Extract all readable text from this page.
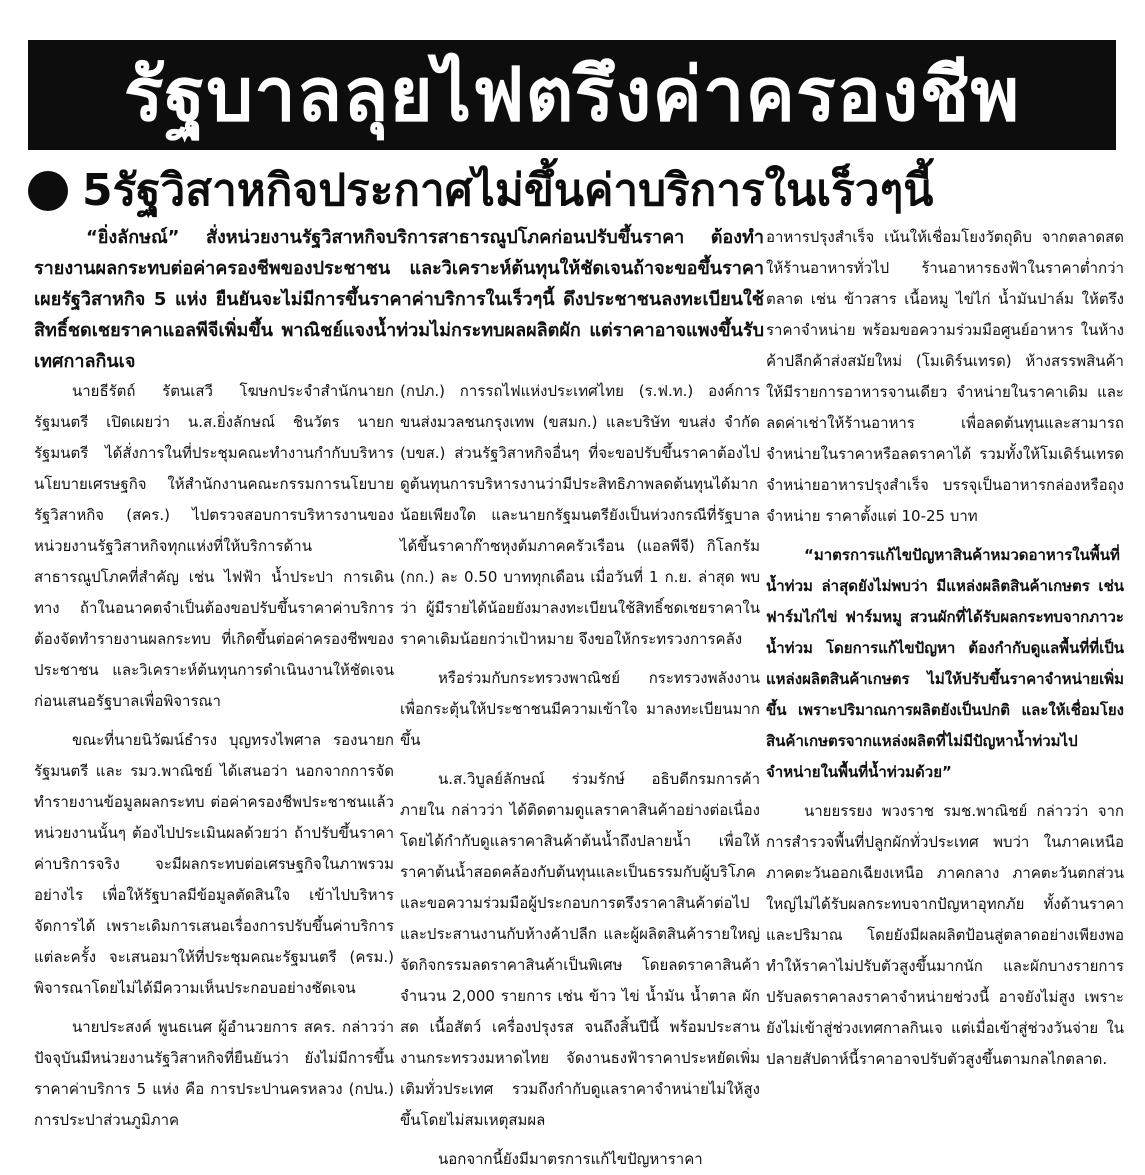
รัฐบาลลุยไฟตรึงค่าครองชีพ
5รัฐวิสาหกิจประกาศไม่ขึ้นค่าบริการในเร็วๆนี้

“ยิ่งลักษณ์” สั่งหน่วยงานรัฐวิสาหกิจบริการสาธารณูปโภคก่อนปรับขึ้นราคา ต้องทำรายงานผลกระทบต่อค่าครองชีพของประชาชน และวิเคราะห์ต้นทุนให้ชัดเจนถ้าจะขอขึ้นราคา เผยรัฐวิสาหกิจ 5 แห่ง ยืนยันจะไม่มีการขึ้นราคาค่าบริการในเร็วๆนี้ ดึงประชาชนลงทะเบียนใช้สิทธิ์ชดเชยราคาแอลพีจีเพิ่มขึ้น พาณิชย์แจงน้ำท่วมไม่กระทบผลผลิตผัก แต่ราคาอาจแพงขึ้นรับเทศกาลกินเจ

นายธีรัตถ์ รัตนเสวี โฆษกประจำสำนักนายกรัฐมนตรี เปิดเผยว่า น.ส.ยิ่งลักษณ์ ชินวัตร นายกรัฐมนตรี ได้สั่งการในที่ประชุมคณะทำงานกำกับบริหารนโยบายเศรษฐกิจ ให้สำนักงานคณะกรรมการนโยบายรัฐวิสาหกิจ (สคร.) ไปตรวจสอบการบริหารงานของหน่วยงานรัฐวิสาหกิจทุกแห่งที่ให้บริการด้านสาธารณูปโภคที่สำคัญ เช่น ไฟฟ้า น้ำประปา การเดินทาง ถ้าในอนาคตจำเป็นต้องขอปรับขึ้นราคาค่าบริการ ต้องจัดทำรายงานผลกระทบ ที่เกิดขึ้นต่อค่าครองชีพของประชาชน และวิเคราะห์ต้นทุนการดำเนินงานให้ชัดเจน ก่อนเสนอรัฐบาลเพื่อพิจารณา

ขณะที่นายนิวัฒน์ธำรง บุญทรงไพศาล รองนายกรัฐมนตรี และ รมว.พาณิชย์ ได้เสนอว่า นอกจากการจัดทำรายงานข้อมูลผลกระทบ ต่อค่าครองชีพประชาชนแล้ว หน่วยงานนั้นๆ ต้องไปประเมินผลด้วยว่า ถ้าปรับขึ้นราคาค่าบริการจริง จะมีผลกระทบต่อเศรษฐกิจในภาพรวมอย่างไร เพื่อให้รัฐบาลมีข้อมูลตัดสินใจ เข้าไปบริหารจัดการได้ เพราะเดิมการเสนอเรื่องการปรับขึ้นค่าบริการแต่ละครั้ง จะเสนอมาให้ที่ประชุมคณะรัฐมนตรี (ครม.) พิจารณาโดยไม่ได้มีความเห็นประกอบอย่างชัดเจน

นายประสงค์ พูนธเนศ ผู้อำนวยการ สคร. กล่าวว่า ปัจจุบันมีหน่วยงานรัฐวิสาหกิจที่ยืนยันว่า ยังไม่มีการขึ้นราคาค่าบริการ 5 แห่ง คือ การประปานครหลวง (กปน.) การประปาส่วนภูมิภาค

(กปภ.) การรถไฟแห่งประเทศไทย (ร.ฟ.ท.) องค์การขนส่งมวลชนกรุงเทพ (ขสมก.) และบริษัท ขนส่ง จำกัด (บขส.) ส่วนรัฐวิสาหกิจอื่นๆ ที่จะขอปรับขึ้นราคาต้องไปดูต้นทุนการบริหารงานว่ามีประสิทธิภาพลดต้นทุนได้มากน้อยเพียงใด และนายกรัฐมนตรียังเป็นห่วงกรณีที่รัฐบาลได้ขึ้นราคาก๊าซหุงต้มภาคครัวเรือน (แอลพีจี) กิโลกรัม (กก.) ละ 0.50 บาททุกเดือน เมื่อวันที่ 1 ก.ย. ล่าสุด พบว่า ผู้มีรายได้น้อยยังมาลงทะเบียนใช้สิทธิ์ชดเชยราคาในราคาเดิมน้อยกว่าเป้าหมาย จึงขอให้กระทรวงการคลัง

หรือร่วมกับกระทรวงพาณิชย์ กระทรวงพลังงาน เพื่อกระตุ้นให้ประชาชนมีความเข้าใจ มาลงทะเบียนมากขึ้น

น.ส.วิบูลย์ลักษณ์ ร่วมรักษ์ อธิบดีกรมการค้าภายใน กล่าวว่า ได้ติดตามดูแลราคาสินค้าอย่างต่อเนื่อง โดยได้กำกับดูแลราคาสินค้าต้นน้ำถึงปลายน้ำ เพื่อให้ราคาต้นน้ำสอดคล้องกับต้นทุนและเป็นธรรมกับผู้บริโภค และขอความร่วมมือผู้ประกอบการตรึงราคาสินค้าต่อไป และประสานงานกับห้างค้าปลีก และผู้ผลิตสินค้ารายใหญ่จัดกิจกรรมลดราคาสินค้าเป็นพิเศษ โดยลดราคาสินค้าจำนวน 2,000 รายการ เช่น ข้าว ไข่ น้ำมัน น้ำตาล ผักสด เนื้อสัตว์ เครื่องปรุงรส จนถึงสิ้นปีนี้ พร้อมประสานงานกระทรวงมหาดไทย จัดงานธงฟ้าราคาประหยัดเพิ่มเติมทั่วประเทศ รวมถึงกำกับดูแลราคาจำหน่ายไม่ให้สูงขึ้นโดยไม่สมเหตุสมผล

นอกจากนี้ยังมีมาตรการแก้ไขปัญหาราคา

อาหารปรุงสำเร็จ เน้นให้เชื่อมโยงวัตถุดิบ จากตลาดสดให้ร้านอาหารทั่วไป ร้านอาหารธงฟ้าในราคาต่ำกว่าตลาด เช่น ข้าวสาร เนื้อหมู ไข่ไก่ น้ำมันปาล์ม ให้ตรึงราคาจำหน่าย พร้อมขอความร่วมมือศูนย์อาหาร ในห้างค้าปลีกค้าส่งสมัยใหม่ (โมเดิร์นเทรด) ห้างสรรพสินค้า ให้มีรายการอาหารจานเดียว จำหน่ายในราคาเดิม และลดค่าเช่าให้ร้านอาหาร เพื่อลดต้นทุนและสามารถจำหน่ายในราคาหรือลดราคาได้ รวมทั้งให้โมเดิร์นเทรดจำหน่ายอาหารปรุงสำเร็จ บรรจุเป็นอาหารกล่องหรือถุงจำหน่าย ราคาตั้งแต่ 10-25 บาท

“มาตรการแก้ไขปัญหาสินค้าหมวดอาหารในพื้นที่น้ำท่วม ล่าสุดยังไม่พบว่า มีแหล่งผลิตสินค้าเกษตร เช่น ฟาร์มไก่ไข่ ฟาร์มหมู สวนผักที่ได้รับผลกระทบจากภาวะน้ำท่วม โดยการแก้ไขปัญหา ต้องกำกับดูแลพื้นที่ที่เป็นแหล่งผลิตสินค้าเกษตร ไม่ให้ปรับขึ้นราคาจำหน่ายเพิ่มขึ้น เพราะปริมาณการผลิตยังเป็นปกติ และให้เชื่อมโยงสินค้าเกษตรจากแหล่งผลิตที่ไม่มีปัญหาน้ำท่วมไปจำหน่ายในพื้นที่น้ำท่วมด้วย”

นายยรรยง พวงราช รมช.พาณิชย์ กล่าวว่า จากการสำรวจพื้นที่ปลูกผักทั่วประเทศ พบว่า ในภาคเหนือ ภาคตะวันออกเฉียงเหนือ ภาคกลาง ภาคตะวันตกส่วนใหญ่ไม่ได้รับผลกระทบจากปัญหาอุทกภัย ทั้งด้านราคาและปริมาณ โดยยังมีผลผลิตป้อนสู่ตลาดอย่างเพียงพอ ทำให้ราคาไม่ปรับตัวสูงขึ้นมากนัก และผักบางรายการปรับลดราคาลงราคาจำหน่ายช่วงนี้ อาจยังไม่สูง เพราะยังไม่เข้าสู่ช่วงเทศกาลกินเจ แต่เมื่อเข้าสู่ช่วงวันจ่าย ในปลายสัปดาห์นี้ราคาอาจปรับตัวสูงขึ้นตามกลไกตลาด.
